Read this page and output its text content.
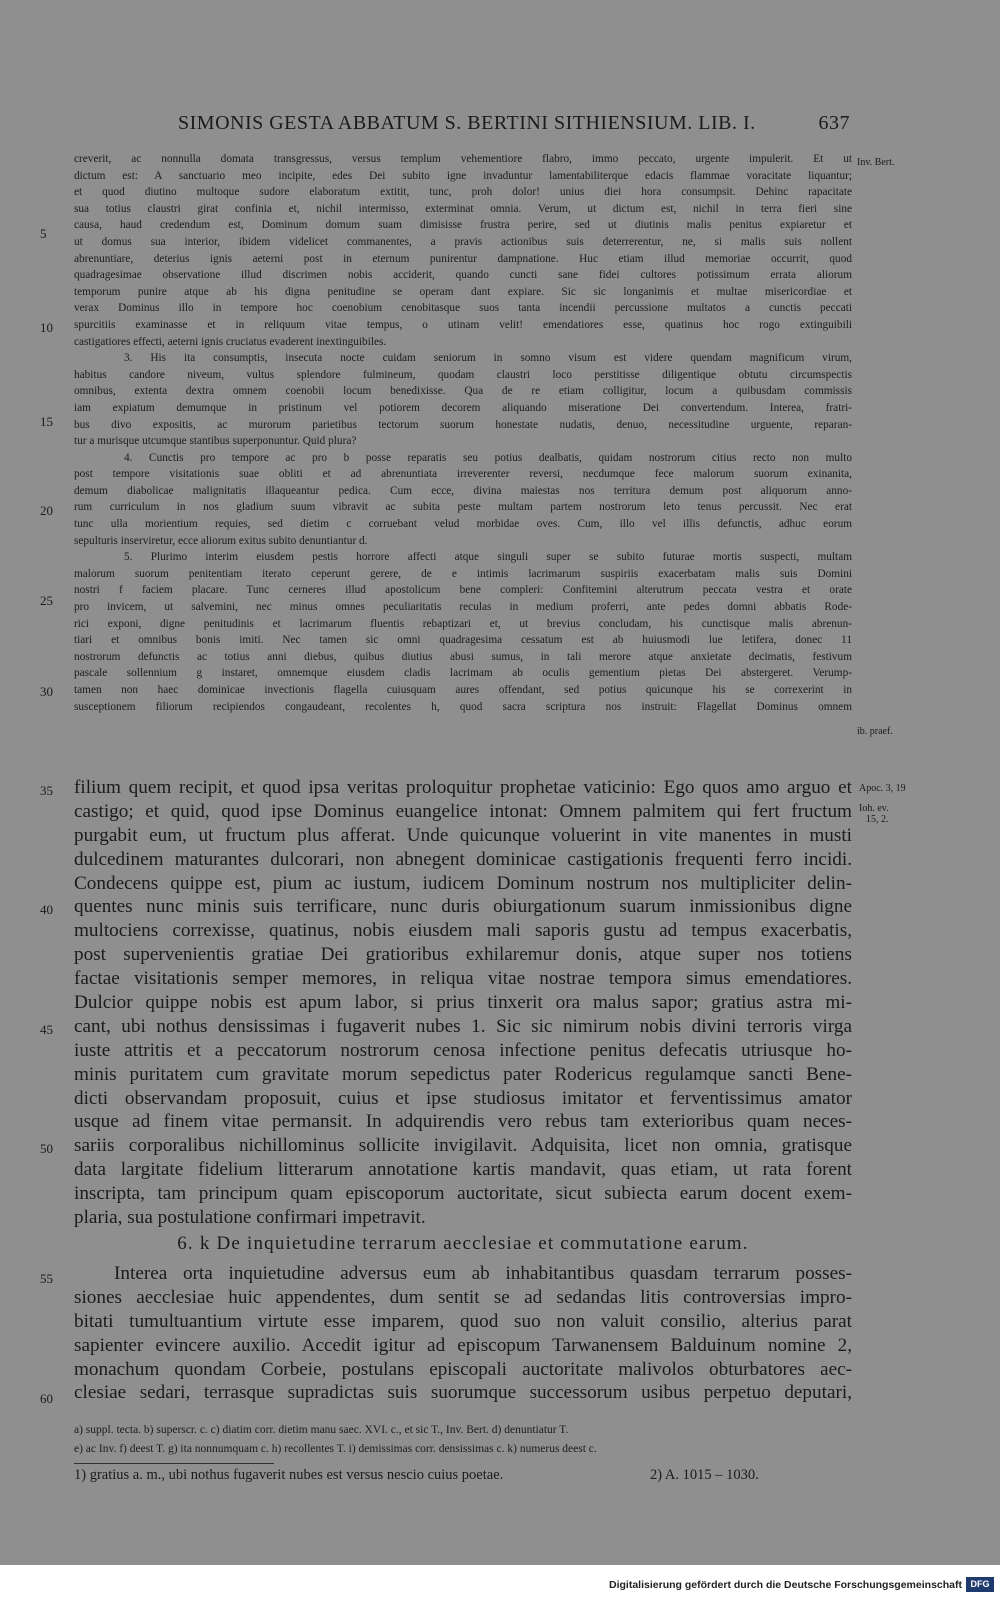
SIMONIS GESTA ABBATUM S. BERTINI SITHIENSIUM. LIB. I.	637
creverit, ac nonnulla domata transgressus, versus templum vehementiore flabro, immo peccato, urgente impulerit. Et ut
dictum est: A sanctuario meo incipite, edes Dei subito igne invaduntur lamentabiliterque edacis flammae voracitate liquantur;
et quod diutino multoque sudore elaboratum extitit, tunc, proh dolor! unius diei hora consumpsit. Dehinc rapacitate
sua totius claustri girat confinia et, nichil intermisso, exterminat omnia. Verum, ut dictum est, nichil in terra fieri sine
causa, haud credendum est, Dominum domum suam dimisisse frustra perire, sed ut diutinis malis penitus expiaretur et
ut domus sua interior, ibidem videlicet commanentes, a pravis actionibus suis deterrerentur, ne, si malis suis nollent
abrenuntiare, deterius ignis aeterni post in eternum punirentur dampnatione. Huc etiam illud memoriae occurrit, quod
quadragesimae observatione illud discrimen nobis acciderit, quando cuncti sane fidei cultores potissimum errata aliorum
temporum punire atque ab his digna penitudine se operam dant expiare. Sic sic longanimis et multae misericordiae et
verax Dominus illo in tempore hoc coenobium cenobitasque suos tanta incendii percussione multatos a cunctis peccati
spurcitiis examinasse et in reliquum vitae tempus, o utinam velit! emendatiores esse, quatinus hoc rogo extinguibili
castigatiores effecti, aeterni ignis cruciatus evaderent inextinguibiles.
3. His ita consumptis, insecuta nocte cuidam seniorum in somno visum est videre quendam magnificum virum,
habitus candore niveum, vultus splendore fulmineum, quodam claustri loco perstitisse diligentique obtutu circumspectis
omnibus, extenta dextra omnem coenobii locum benedixisse. Qua de re etiam colligitur, locum a quibusdam commissis
iam expiatum demumque in pristinum vel potiorem decorem aliquando miseratione Dei convertendum. Interea, fratri-
bus divo expositis, ac murorum parietibus tectorum suorum honestate nudatis, denuo, necessitudine urguente, reparan-
tur a murisque utcumque stantibus superponuntur. Quid plura?
4. Cunctis pro tempore ac pro b posse reparatis seu potius dealbatis, quidam nostrorum citius recto non multo
post tempore visitationis suae obliti et ad abrenuntiata irreverenter reversi, necdumque fece malorum suorum exinanita,
demum diabolicae malignitatis illaqueantur pedica. Cum ecce, divina maiestas nos territura demum post aliquorum anno-
rum curriculum in nos gladium suum vibravit ac subita peste multam partem nostrorum leto tenus percussit. Nec erat
tunc ulla morientium requies, sed dietim c corruebant velud morbidae oves. Cum, illo vel illis defunctis, adhuc eorum
sepulturis inserviretur, ecce aliorum exitus subito denuntiantur d.
5. Plurimo interim eiusdem pestis horrore affecti atque singuli super se subito futurae mortis suspecti, multam
malorum suorum penitentiam iterato ceperunt gerere, de e intimis lacrimarum suspiriis exacerbatam malis suis Domini
nostri f faciem placare. Tunc cerneres illud apostolicum bene compleri: Confitemini alterutrum peccata vestra et orate
pro invicem, ut salvemini, nec minus omnes peculiaritatis reculas in medium proferri, ante pedes domni abbatis Rode-
rici exponi, digne penitudinis et lacrimarum fluentis rebaptizari et, ut brevius concludam, his cunctisque malis abrenun-
tiari et omnibus bonis imiti. Nec tamen sic omni quadragesima cessatum est ab huiusmodi lue letifera, donec 11
nostrorum defunctis ac totius anni diebus, quibus diutius abusi sumus, in tali merore atque anxietate decimatis, festivum
pascale sollennium g instaret, omnemque eiusdem cladis lacrimam ab oculis gementium pietas Dei abstergeret. Verump-
tamen non haec dominicae invectionis flagella cuiusquam aures offendant, sed potius quicunque his se correxerint in
susceptionem filiorum recipiendos congaudeant, recolentes h, quod sacra scriptura nos instruit: Flagellat Dominus omnem
filium quem recipit, et quod ipsa veritas proloquitur prophetae vaticinio: Ego quos amo arguo et
castigo; et quid, quod ipse Dominus euangelice intonat: Omnem palmitem qui fert fructum
purgabit eum, ut fructum plus afferat. Unde quicunque voluerint in vite manentes in musti
dulcedinem maturantes dulcorari, non abnegent dominicae castigationis frequenti ferro incidi.
Condecens quippe est, pium ac iustum, iudicem Dominum nostrum nos multipliciter delin-
quentes nunc minis suis terrificare, nunc duris obiurgationum suarum inmissionibus digne
multociens correxisse, quatinus, nobis eiusdem mali saporis gustu ad tempus exacerbatis,
post supervenientis gratiae Dei gratioribus exhilaremur donis, atque super nos totiens
factae visitationis semper memores, in reliqua vitae nostrae tempora simus emendatiores.
Dulcior quippe nobis est apum labor, si prius tinxerit ora malus sapor; gratius astra mi-
cant, ubi nothus densissimas i fugaverit nubes 1. Sic sic nimirum nobis divini terroris virga
iuste attritis et a peccatorum nostrorum cenosa infectione penitus defecatis utriusque ho-
minis puritatem cum gravitate morum sepedictus pater Rodericus regulamque sancti Bene-
dicti observandam proposuit, cuius et ipse studiosus imitator et ferventissimus amator
usque ad finem vitae permansit. In adquirendis vero rebus tam exterioribus quam neces-
sariis corporalibus nichillominus sollicite invigilavit. Adquisita, licet non omnia, gratisque
data largitate fidelium litterarum annotatione kartis mandavit, quas etiam, ut rata forent
inscripta, tam principum quam episcoporum auctoritate, sicut subiecta earum docent exem-
plaria, sua postulatione confirmari impetravit.
6. k De inquietudine terrarum aecclesiae et commutatione earum.
Interea orta inquietudine adversus eum ab inhabitantibus quasdam terrarum posses-
siones aecclesiae huic appendentes, dum sentit se ad sedandas litis controversias impro-
bitati tumultuantium virtute esse imparem, quod suo non valuit consilio, alterius parat
sapienter evincere auxilio. Accedit igitur ad episcopum Tarwanensem Balduinum nomine 2,
monachum quondam Corbeie, postulans episcopali auctoritate malivolos obturbatores aec-
clesiae sedari, terrasque supradictas suis suorumque successorum usibus perpetuo deputari,
5
10
15
20
25
30
35
40
45
50
55
60
Inv. Bert.
ib. praef.
Apoc. 3, 19
Ioh. ev.
15, 2.
a) suppl. tecta. b) superscr. c. c) diatim corr. dietim manu saec. XVI. c., et sic T., Inv. Bert. d) denuntiatur T.
e) ac Inv. f) deest T. g) ita nonnumquam c. h) recollentes T. i) demissimas corr. densissimas c. k) numerus deest c.
1) gratius a. m., ubi nothus fugaverit nubes est versus nescio cuius poetae.	2) A. 1015 – 1030.
Digitalisierung gefördert durch die Deutsche Forschungsgemeinschaft DFG
